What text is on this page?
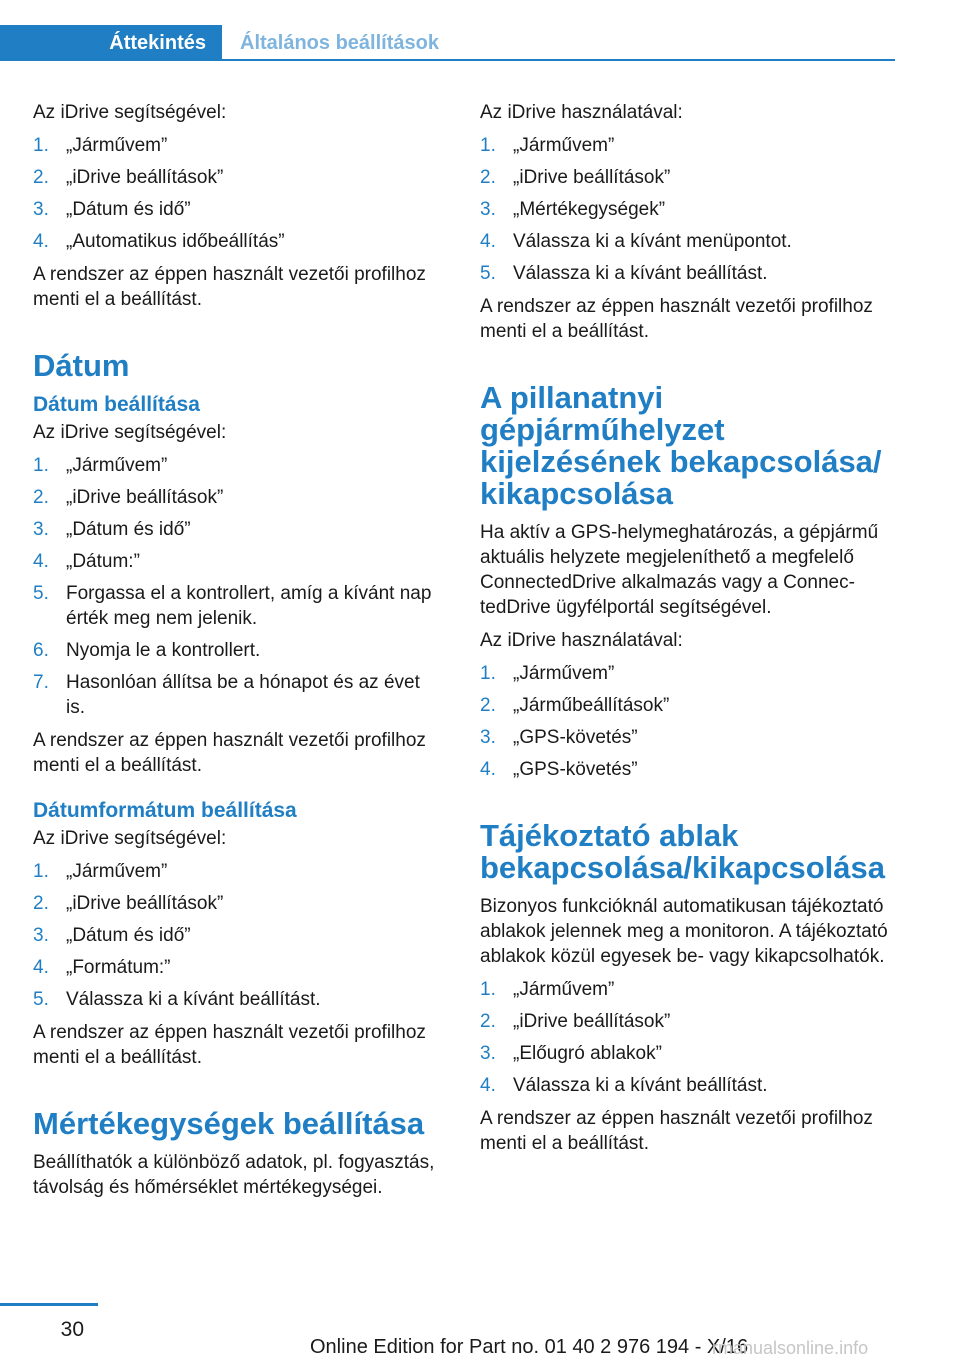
Áttekintés	Általános beállítások

Az iDrive segítségével:

1. „Járművem”
2. „iDrive beállítások”
3. „Dátum és idő”
4. „Automatikus időbeállítás”

A rendszer az éppen használt vezetői profilhoz menti el a beállítást.

Dátum
Dátum beállítása

Az iDrive segítségével:

1. „Járművem”
2. „iDrive beállítások”
3. „Dátum és idő”
4. „Dátum:”
5. Forgassa el a kontrollert, amíg a kívánt nap érték meg nem jelenik.
6. Nyomja le a kontrollert.
7. Hasonlóan állítsa be a hónapot és az évet is.

A rendszer az éppen használt vezetői profilhoz menti el a beállítást.

Dátumformátum beállítása

Az iDrive segítségével:

1. „Járművem”
2. „iDrive beállítások”
3. „Dátum és idő”
4. „Formátum:”
5. Válassza ki a kívánt beállítást.

A rendszer az éppen használt vezetői profilhoz menti el a beállítást.

Mértékegységek beállítása

Beállíthatók a különböző adatok, pl. fogyasztás, távolság és hőmérséklet mértékegységei.

Az iDrive használatával:

1. „Járművem”
2. „iDrive beállítások”
3. „Mértékegységek”
4. Válassza ki a kívánt menüpontot.
5. Válassza ki a kívánt beállítást.

A rendszer az éppen használt vezetői profilhoz menti el a beállítást.

A pillanatnyi gépjárműhelyzet kijelzésének bekapcsolása/ kikapcsolása

Ha aktív a GPS-helymeghatározás, a gépjármű aktuális helyzete megjeleníthető a megfelelő ConnectedDrive alkalmazás vagy a ConnectedDrive ügyfélportál segítségével.

Az iDrive használatával:

1. „Járművem”
2. „Járműbeállítások”
3. „GPS-követés”
4. „GPS-követés”
Tájékoztató ablak bekapcsolása/kikapcsolása

Bizonyos funkcióknál automatikusan tájékoztató ablakok jelennek meg a monitoron. A tájékoztató ablakok közül egyesek be- vagy kikapcsolhatók.

1. „Járművem”
2. „iDrive beállítások”
3. „Előugró ablakok”
4. Válassza ki a kívánt beállítást.

A rendszer az éppen használt vezetői profilhoz menti el a beállítást.

30
Online Edition for Part no. 01 40 2 976 194 - X/16
rmanualsonline.info
